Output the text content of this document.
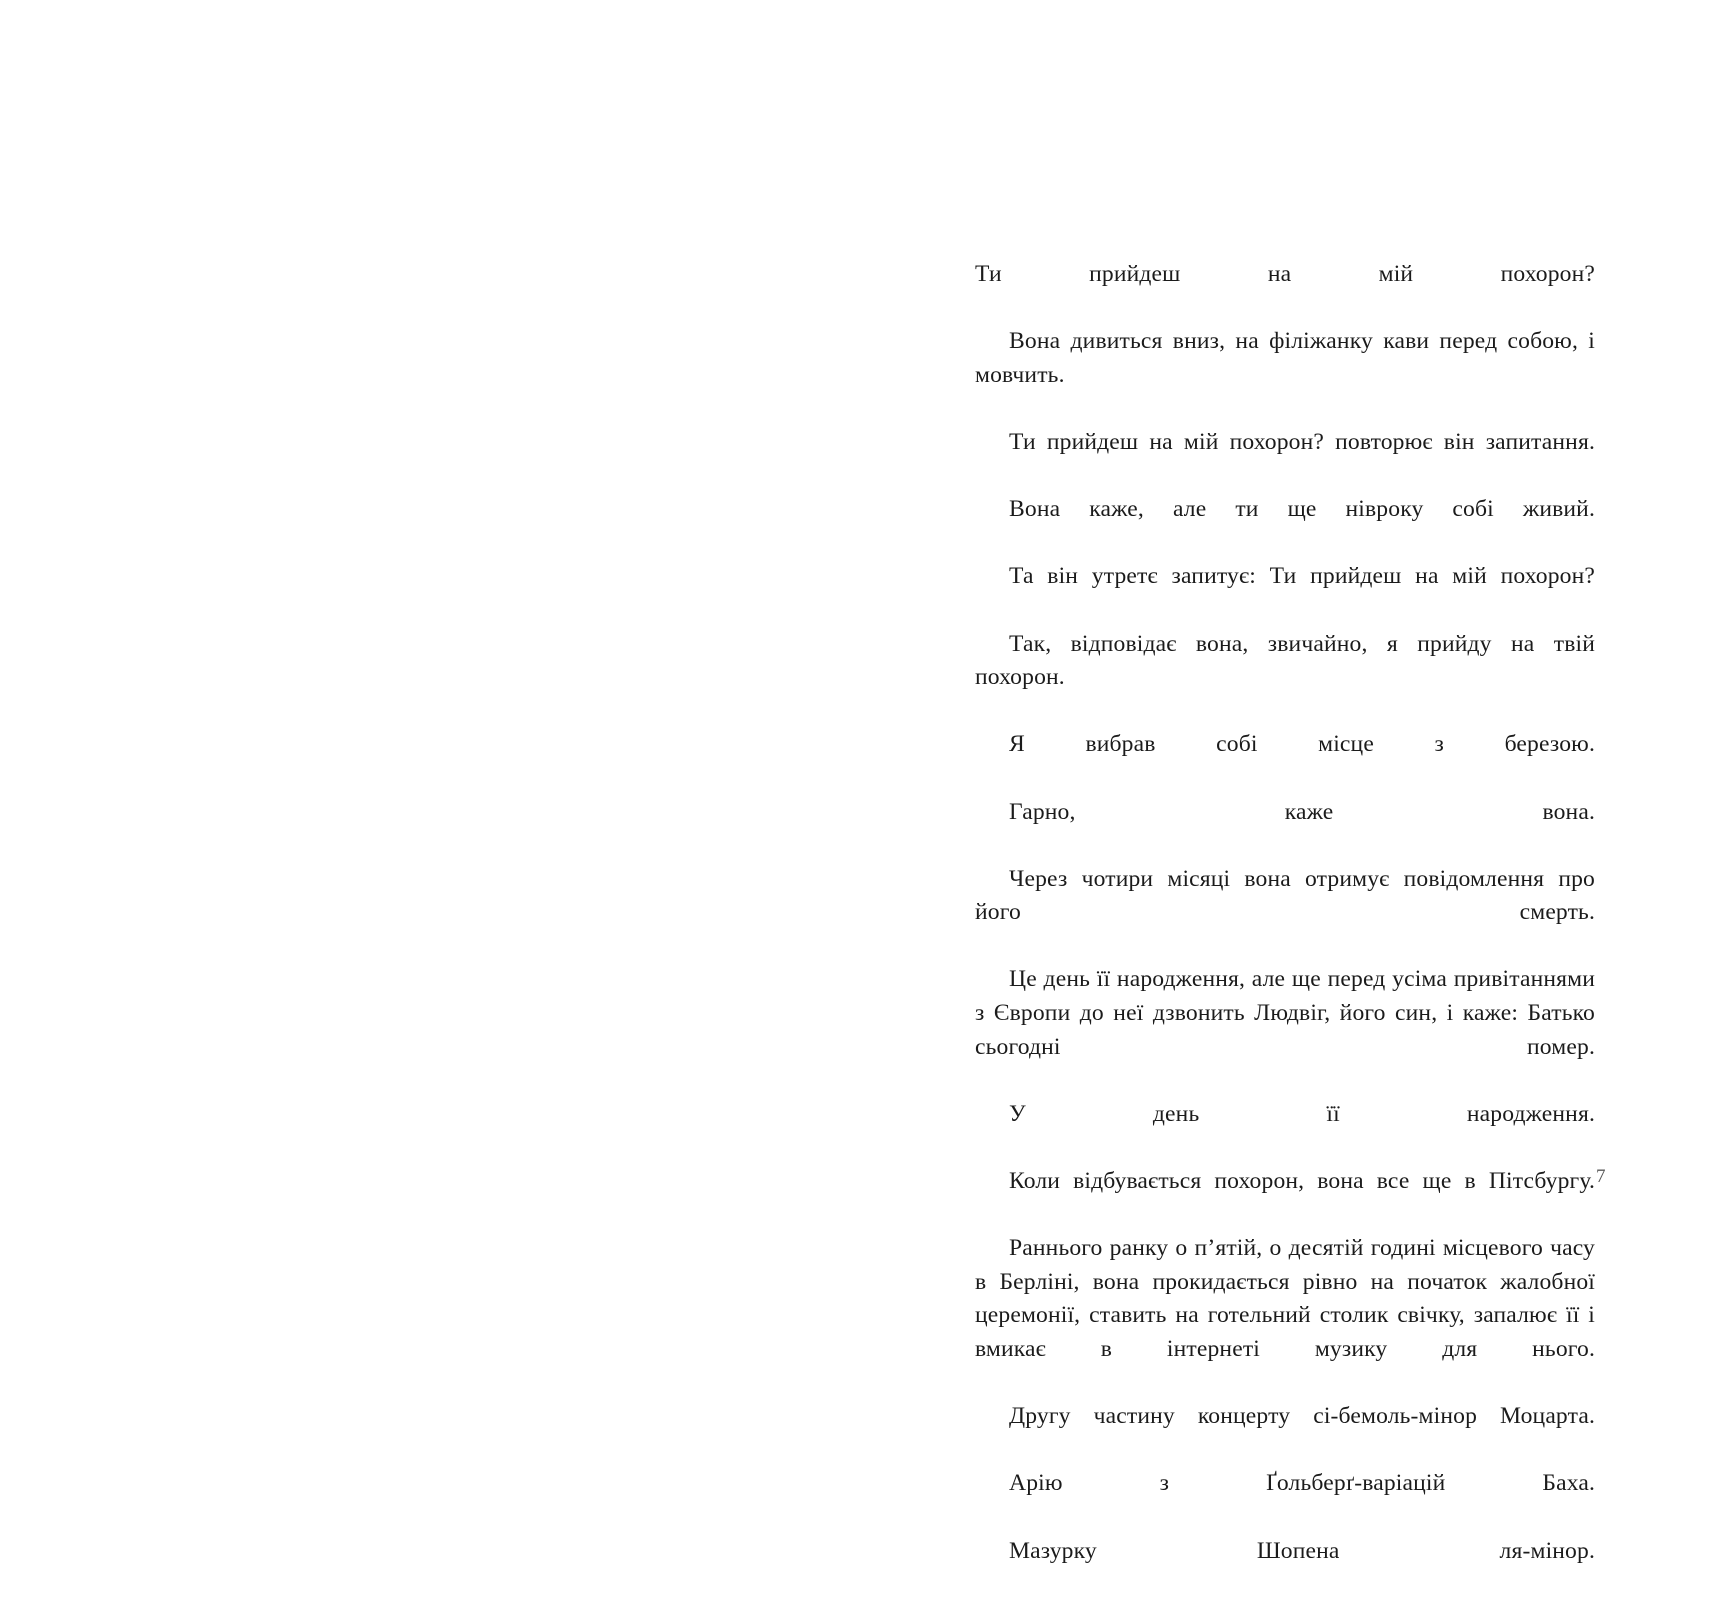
Ти прийдеш на мій похорон?

Вона дивиться вниз, на філіжанку кави перед собою, і мовчить.

Ти прийдеш на мій похорон? повторює він запитання.

Вона каже, але ти ще нівроку собі живий.

Та він утретє запитує: Ти прийдеш на мій похорон?

Так, відповідає вона, звичайно, я прийду на твій похорон.

Я вибрав собі місце з березою.

Гарно, каже вона.

Через чотири місяці вона отримує повідомлення про його смерть.

Це день її народження, але ще перед усіма привітаннями з Європи до неї дзвонить Людвіг, його син, і каже: Батько сьогодні помер.

У день її народження.

Коли відбувається похорон, вона все ще в Пітсбургу.

Раннього ранку о п’ятій, о десятій годині місцевого часу в Берліні, вона прокидається рівно на початок жалобної церемонії, ставить на готельний столик свічку, запалює її і вмикає в інтернеті музику для нього.

Другу частину концерту сі-бемоль-мінор Моцарта.

Арію з Ґольберґ-варіацій Баха.

Мазурку Шопена ля-мінор.

7
